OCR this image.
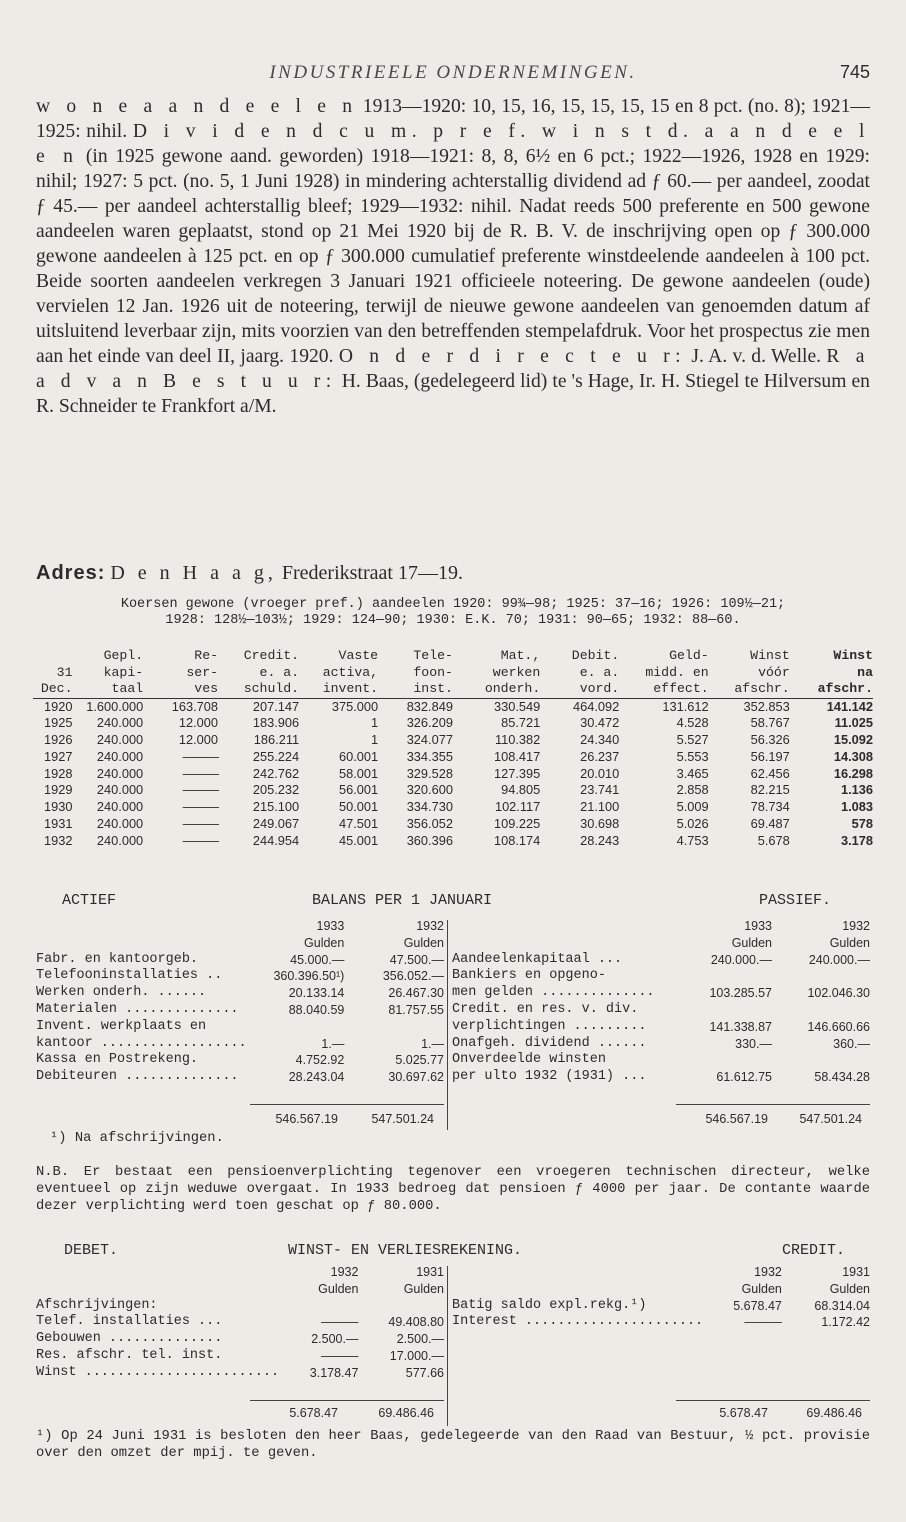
INDUSTRIEELE ONDERNEMINGEN.	745
w o n e a a n d e e l e n 1913—1920: 10, 15, 16, 15, 15, 15, 15 en 8 pct. (no. 8); 1921—1925: nihil. D i v i d e n d c u m. p r e f. w i n s t d. a a n d e e l e n (in 1925 gewone aand. geworden) 1918—1921: 8, 8, 6½ en 6 pct.; 1922—1926, 1928 en 1929: nihil; 1927: 5 pct. (no. 5, 1 Juni 1928) in mindering achterstallig dividend ad ƒ 60.— per aandeel, zoodat ƒ 45.— per aandeel achterstallig bleef; 1929—1932: nihil. Nadat reeds 500 preferente en 500 gewone aandeelen waren geplaatst, stond op 21 Mei 1920 bij de R. B. V. de inschrijving open op ƒ 300.000 gewone aandeelen à 125 pct. en op ƒ 300.000 cumulatief preferente winstdeelende aandeelen à 100 pct. Beide soorten aandeelen verkregen 3 Januari 1921 officieele noteering. De gewone aandeelen (oude) vervielen 12 Jan. 1926 uit de noteering, terwijl de nieuwe gewone aandeelen van genoemden datum af uitsluitend leverbaar zijn, mits voorzien van den betreffenden stempelafdruk. Voor het prospectus zie men aan het einde van deel II, jaarg. 1920. O n d e r d i r e c t e u r: J. A. v. d. Welle. R a a d v a n B e s t u u r: H. Baas, (gedelegeerd lid) te 's Hage, Ir. H. Stiegel te Hilversum en R. Schneider te Frankfort a/M.
Adres: D e n H a a g, Frederikstraat 17—19.
Koersen gewone (vroeger pref.) aandeelen 1920: 99¾—98; 1925: 37—16; 1926: 109½—21;
1928: 128½—103½; 1929: 124—90; 1930: E.K. 70; 1931: 90—65; 1932: 88—60.
	Gepl.	Re-	Credit.	Vaste	Tele-	Mat.,	Debit.	Geld-	Winst	Winst
31	kapi-	ser-	e. a.	activa,	foon-	werken	e. a.	midd. en	vóór	na
Dec.	taal	ves	schuld.	invent.	inst.	onderh.	vord.	effect.	afschr.	afschr.
1920	1.600.000	163.708	207.147	375.000	832.849	330.549	464.092	131.612	352.853	141.142
1925	240.000	12.000	183.906	1	326.209	85.721	30.472	4.528	58.767	11.025
1926	240.000	12.000	186.211	1	324.077	110.382	24.340	5.527	56.326	15.092
1927	240.000	———	255.224	60.001	334.355	108.417	26.237	5.553	56.197	14.308
1928	240.000	———	242.762	58.001	329.528	127.395	20.010	3.465	62.456	16.298
1929	240.000	———	205.232	56.001	320.600	94.805	23.741	2.858	82.215	1.136
1930	240.000	———	215.100	50.001	334.730	102.117	21.100	5.009	78.734	1.083
1931	240.000	———	249.067	47.501	356.052	109.225	30.698	5.026	69.487	578
1932	240.000	———	244.954	45.001	360.396	108.174	28.243	4.753	5.678	3.178
ACTIEF	BALANS PER 1 JANUARI	PASSIEF.
	1933	1932
	Gulden	Gulden
Fabr. en kantoorgeb.	45.000.—	47.500.—
Telefooninstallaties ..	360.396.50¹)	356.052.—
Werken onderh. ......	20.133.14	26.467.30
Materialen ..............	88.040.59	81.757.55
Invent. werkplaats en		
kantoor ..................	1.—	1.—
Kassa en Postrekeng.	4.752.92	5.025.77
Debiteuren ..............	28.243.04	30.697.62
	1933	1932
	Gulden	Gulden
Aandeelenkapitaal ...	240.000.—	240.000.—
Bankiers en opgeno-		
men gelden ..............	103.285.57	102.046.30
Credit. en res. v. div.		
verplichtingen .........	141.338.87	146.660.66
Onafgeh. dividend ......	330.—	360.—
Onverdeelde winsten		
per ulto 1932 (1931) ...	61.612.75	58.434.28
546.567.19	547.501.24	546.567.19	547.501.24
¹) Na afschrijvingen.
N.B. Er bestaat een pensioenverplichting tegenover een vroegeren technischen directeur, welke eventueel op zijn weduwe overgaat. In 1933 bedroeg dat pensioen ƒ 4000 per jaar. De contante waarde dezer verplichting werd toen geschat op ƒ 80.000.
DEBET.	WINST- EN VERLIESREKENING.	CREDIT.
	1932	1931
	Gulden	Gulden
Afschrijvingen:		
Telef. installaties ...	———	49.408.80
Gebouwen ..............	2.500.—	2.500.—
Res. afschr. tel. inst.	———	17.000.—
Winst ........................	3.178.47	577.66
	1932	1931
	Gulden	Gulden
Batig saldo expl.rekg.¹)	5.678.47	68.314.04
Interest ......................	———	1.172.42
5.678.47	69.486.46	5.678.47	69.486.46
¹) Op 24 Juni 1931 is besloten den heer Baas, gedelegeerde van den Raad van Bestuur, ½ pct. provisie over den omzet der mpij. te geven.
